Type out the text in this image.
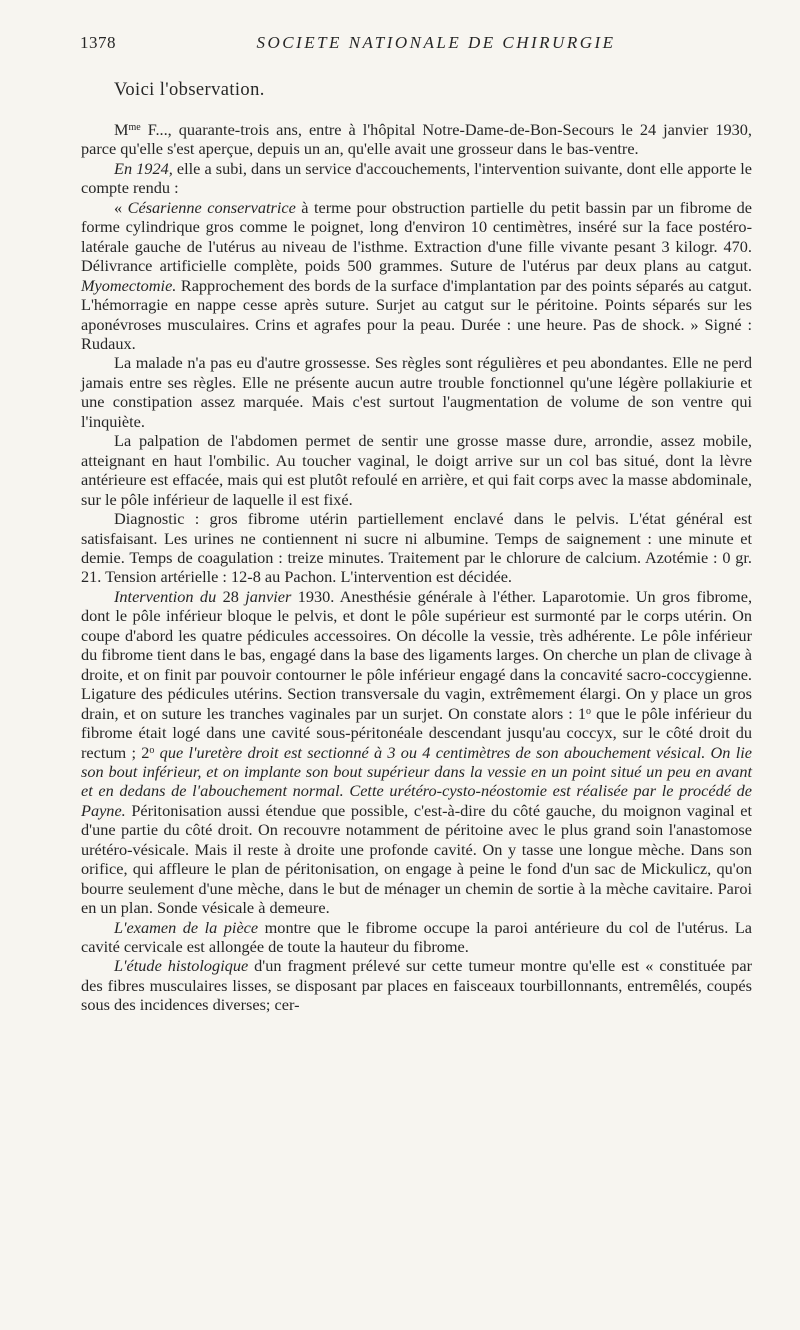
1378	SOCIETE NATIONALE DE CHIRURGIE
Voici l'observation.

$M^{me}$ F..., quarante-trois ans, entre à l'hôpital Notre-Dame-de-Bon-Secours le 24 janvier 1930, parce qu'elle s'est aperçue, depuis un an, qu'elle avait une grosseur dans le bas-ventre.

En 1924, elle a subi, dans un service d'accouchements, l'intervention suivante, dont elle apporte le compte rendu :

« Césarienne conservatrice à terme pour obstruction partielle du petit bassin par un fibrome de forme cylindrique gros comme le poignet, long d'environ 10 centimètres, inséré sur la face postéro-latérale gauche de l'utérus au niveau de l'isthme. Extraction d'une fille vivante pesant 3 kilogr. 470. Délivrance artificielle complète, poids 500 grammes. Suture de l'utérus par deux plans au catgut. Myomectomie. Rapprochement des bords de la surface d'implantation par des points séparés au catgut. L'hémorragie en nappe cesse après suture. Surjet au catgut sur le péritoine. Points séparés sur les aponévroses musculaires. Crins et agrafes pour la peau. Durée : une heure. Pas de shock. » Signé : Rudaux.

La malade n'a pas eu d'autre grossesse. Ses règles sont régulières et peu abondantes. Elle ne perd jamais entre ses règles. Elle ne présente aucun autre trouble fonctionnel qu'une légère pollakiurie et une constipation assez marquée. Mais c'est surtout l'augmentation de volume de son ventre qui l'inquiète.

La palpation de l'abdomen permet de sentir une grosse masse dure, arrondie, assez mobile, atteignant en haut l'ombilic. Au toucher vaginal, le doigt arrive sur un col bas situé, dont la lèvre antérieure est effacée, mais qui est plutôt refoulé en arrière, et qui fait corps avec la masse abdominale, sur le pôle inférieur de laquelle il est fixé.

Diagnostic : gros fibrome utérin partiellement enclavé dans le pelvis. L'état général est satisfaisant. Les urines ne contiennent ni sucre ni albumine. Temps de saignement : une minute et demie. Temps de coagulation : treize minutes. Traitement par le chlorure de calcium. Azotémie : 0 gr. 21. Tension artérielle : 12-8 au Pachon. L'intervention est décidée.

Intervention du 28 janvier 1930. Anesthésie générale à l'éther. Laparotomie. Un gros fibrome, dont le pôle inférieur bloque le pelvis, et dont le pôle supérieur est surmonté par le corps utérin. On coupe d'abord les quatre pédicules accessoires. On décolle la vessie, très adhérente. Le pôle inférieur du fibrome tient dans le bas, engagé dans la base des ligaments larges. On cherche un plan de clivage à droite, et on finit par pouvoir contourner le pôle inférieur engagé dans la concavité sacro-coccygienne. Ligature des pédicules utérins. Section transversale du vagin, extrêmement élargi. On y place un gros drain, et on suture les tranches vaginales par un surjet. On constate alors : 1$^o$ que le pôle inférieur du fibrome était logé dans une cavité sous-péritonéale descendant jusqu'au coccyx, sur le côté droit du rectum ; 2$^o$ que l'uretère droit est sectionné à 3 ou 4 centimètres de son abouchement vésical. On lie son bout inférieur, et on implante son bout supérieur dans la vessie en un point situé un peu en avant et en dedans de l'abouchement normal. Cette urétéro-cysto-néostomie est réalisée par le procédé de Payne. Péritonisation aussi étendue que possible, c'est-à-dire du côté gauche, du moignon vaginal et d'une partie du côté droit. On recouvre notamment de péritoine avec le plus grand soin l'anastomose urétéro-vésicale. Mais il reste à droite une profonde cavité. On y tasse une longue mèche. Dans son orifice, qui affleure le plan de péritonisation, on engage à peine le fond d'un sac de Mickulicz, qu'on bourre seulement d'une mèche, dans le but de ménager un chemin de sortie à la mèche cavitaire. Paroi en un plan. Sonde vésicale à demeure.

L'examen de la pièce montre que le fibrome occupe la paroi antérieure du col de l'utérus. La cavité cervicale est allongée de toute la hauteur du fibrome.

L'étude histologique d'un fragment prélevé sur cette tumeur montre qu'elle est « constituée par des fibres musculaires lisses, se disposant par places en faisceaux tourbillonnants, entremêlés, coupés sous des incidences diverses; cer-
